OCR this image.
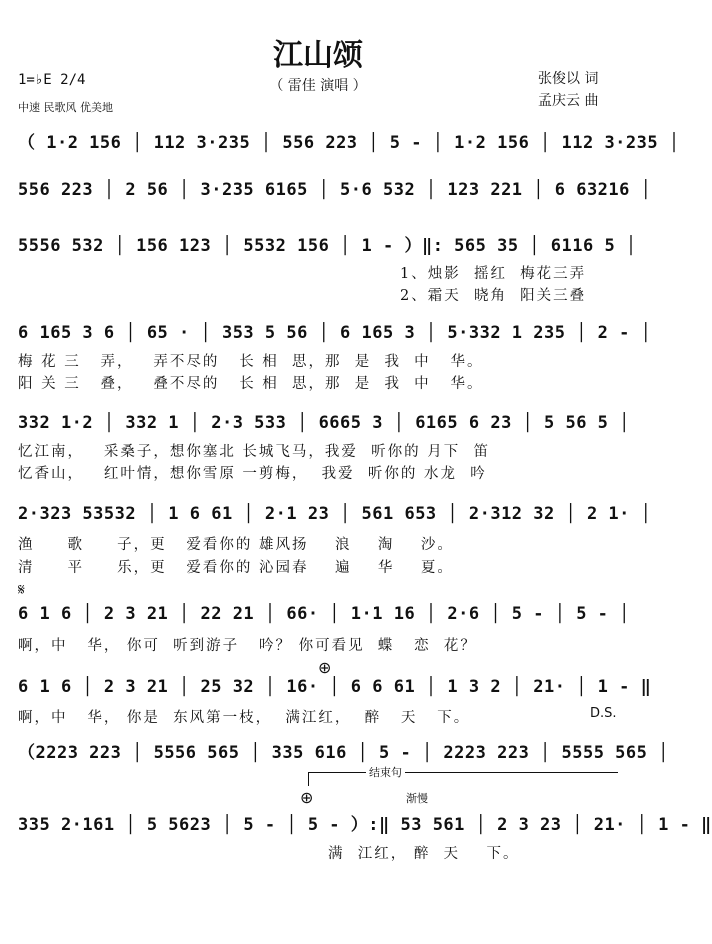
江山颂
（ 雷佳 演唱 ）	张俊以 词
孟庆云 曲
1=♭E 2/4
中速 民歌风 优美地
（ 1·2 156 │ 112 3·235 │ 556 223 │ 5 - │ 1·2 156 │ 112 3·235 │
556 223 │ 2 56 │ 3·235 6165 │ 5·6 532 │ 123 221 │ 6 63216 │
5556 532 │ 156 123 │ 5532 156 │ 1 - ）‖: 565 35 │ 6116 5 │
1、烛影  摇红  梅花三弄
2、霜天  晓角  阳关三叠
6 165 3 6 │ 65 · │ 353 5 56 │ 6 165 3 │ 5·332 1 235 │ 2 - │
梅 花 三   弄，   弄不尽的   长 相  思，那  是  我  中   华。
阳 关 三   叠，   叠不尽的   长 相  思，那  是  我  中   华。
332 1·2 │ 332 1 │ 2·3 533 │ 6665 3 │ 6165 6 23 │ 5 56 5 │
忆江南，   采桑子，想你塞北 长城飞马，我爱  听你的 月下  笛
忆香山，   红叶情，想你雪原 一剪梅，  我爱  听你的 水龙  吟
2·323 53532 │ 1 6 61 │ 2·1 23 │ 561 653 │ 2·312 32 │ 2 1· │
渔     歌     子，更   爱看你的 雄风扬    浪    淘    沙。
清     平     乐，更   爱看你的 沁园春    遍    华    夏。
𝄋
6 1 6 │ 2 3 21 │ 22 21 │ 66· │ 1·1 16 │ 2·6 │ 5 - │ 5 - │
啊，中   华， 你可  听到游子   吟？ 你可看见  蝶   恋  花？
⊕
6 1 6 │ 2 3 21 │ 25 32 │ 16· │ 6 6 61 │ 1 3 2 │ 21· │ 1 - ‖
啊，中   华， 你是  东风第一枝，  满江红，  醉   天   下。	D.S.
（2223 223 │ 5556 565 │ 335 616 │ 5 - │ 2223 223 │ 5555 565 │
结束句
⊕	渐慢
335 2·161 │ 5 5623 │ 5 - │ 5 - ）:‖ 53 561 │ 2 3 23 │ 21· │ 1 - ‖
满  江红， 醉  天    下。
